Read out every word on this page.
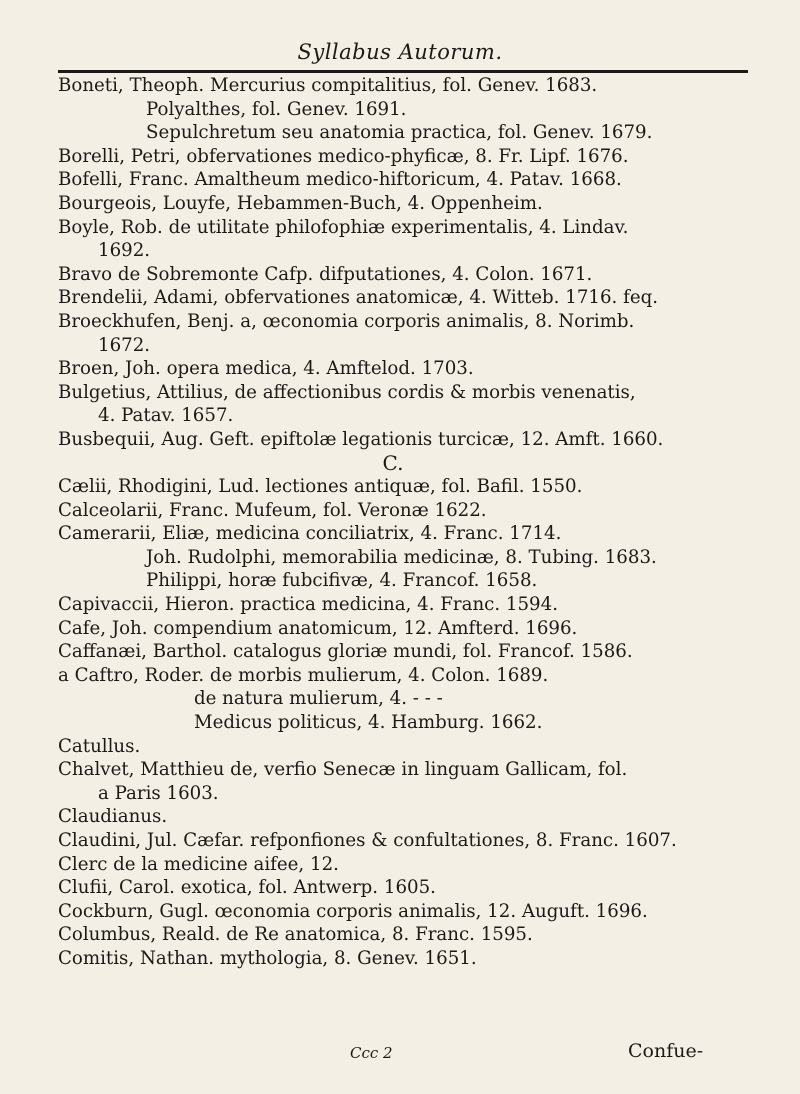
Syllabus Autorum.
Boneti, Theoph. Mercurius compitalitius, fol. Genev. 1683.
Polyalthes, fol. Genev. 1691.
Sepulchretum seu anatomia practica, fol. Genev. 1679.
Borelli, Petri, obfervationes medico-phyficæ, 8. Fr. Lipf. 1676.
Bofelli, Franc. Amaltheum medico-hiftoricum, 4. Patav. 1668.
Bourgeois, Louyfe, Hebammen-Buch, 4. Oppenheim.
Boyle, Rob. de utilitate philofophiæ experimentalis, 4. Lindav.
1692.
Bravo de Sobremonte Cafp. difputationes, 4. Colon. 1671.
Brendelii, Adami, obfervationes anatomicæ, 4. Witteb. 1716. feq.
Broeckhufen, Benj. a, œconomia corporis animalis, 8. Norimb.
1672.
Broen, Joh. opera medica, 4. Amftelod. 1703.
Bulgetius, Attilius, de affectionibus cordis & morbis venenatis,
4. Patav. 1657.
Busbequii, Aug. Geft. epiftolæ legationis turcicæ, 12. Amft. 1660.
C.
Cælii, Rhodigini, Lud. lectiones antiquæ, fol. Bafil. 1550.
Calceolarii, Franc. Mufeum, fol. Veronæ 1622.
Camerarii, Eliæ, medicina conciliatrix, 4. Franc. 1714.
Joh. Rudolphi, memorabilia medicinæ, 8. Tubing. 1683.
Philippi, horæ fubcifivæ, 4. Francof. 1658.
Capivaccii, Hieron. practica medicina, 4. Franc. 1594.
Cafe, Joh. compendium anatomicum, 12. Amfterd. 1696.
Caffanæi, Barthol. catalogus gloriæ mundi, fol. Francof. 1586.
a Caftro, Roder. de morbis mulierum, 4. Colon. 1689.
de natura mulierum, 4. - - -
Medicus politicus, 4. Hamburg. 1662.
Catullus.
Chalvet, Matthieu de, verfio Senecæ in linguam Gallicam, fol.
a Paris 1603.
Claudianus.
Claudini, Jul. Cæfar. refponfiones & confultationes, 8. Franc. 1607.
Clerc de la medicine aifee, 12.
Clufii, Carol. exotica, fol. Antwerp. 1605.
Cockburn, Gugl. œconomia corporis animalis, 12. Auguft. 1696.
Columbus, Reald. de Re anatomica, 8. Franc. 1595.
Comitis, Nathan. mythologia, 8. Genev. 1651.
Ccc 2	Confue-
